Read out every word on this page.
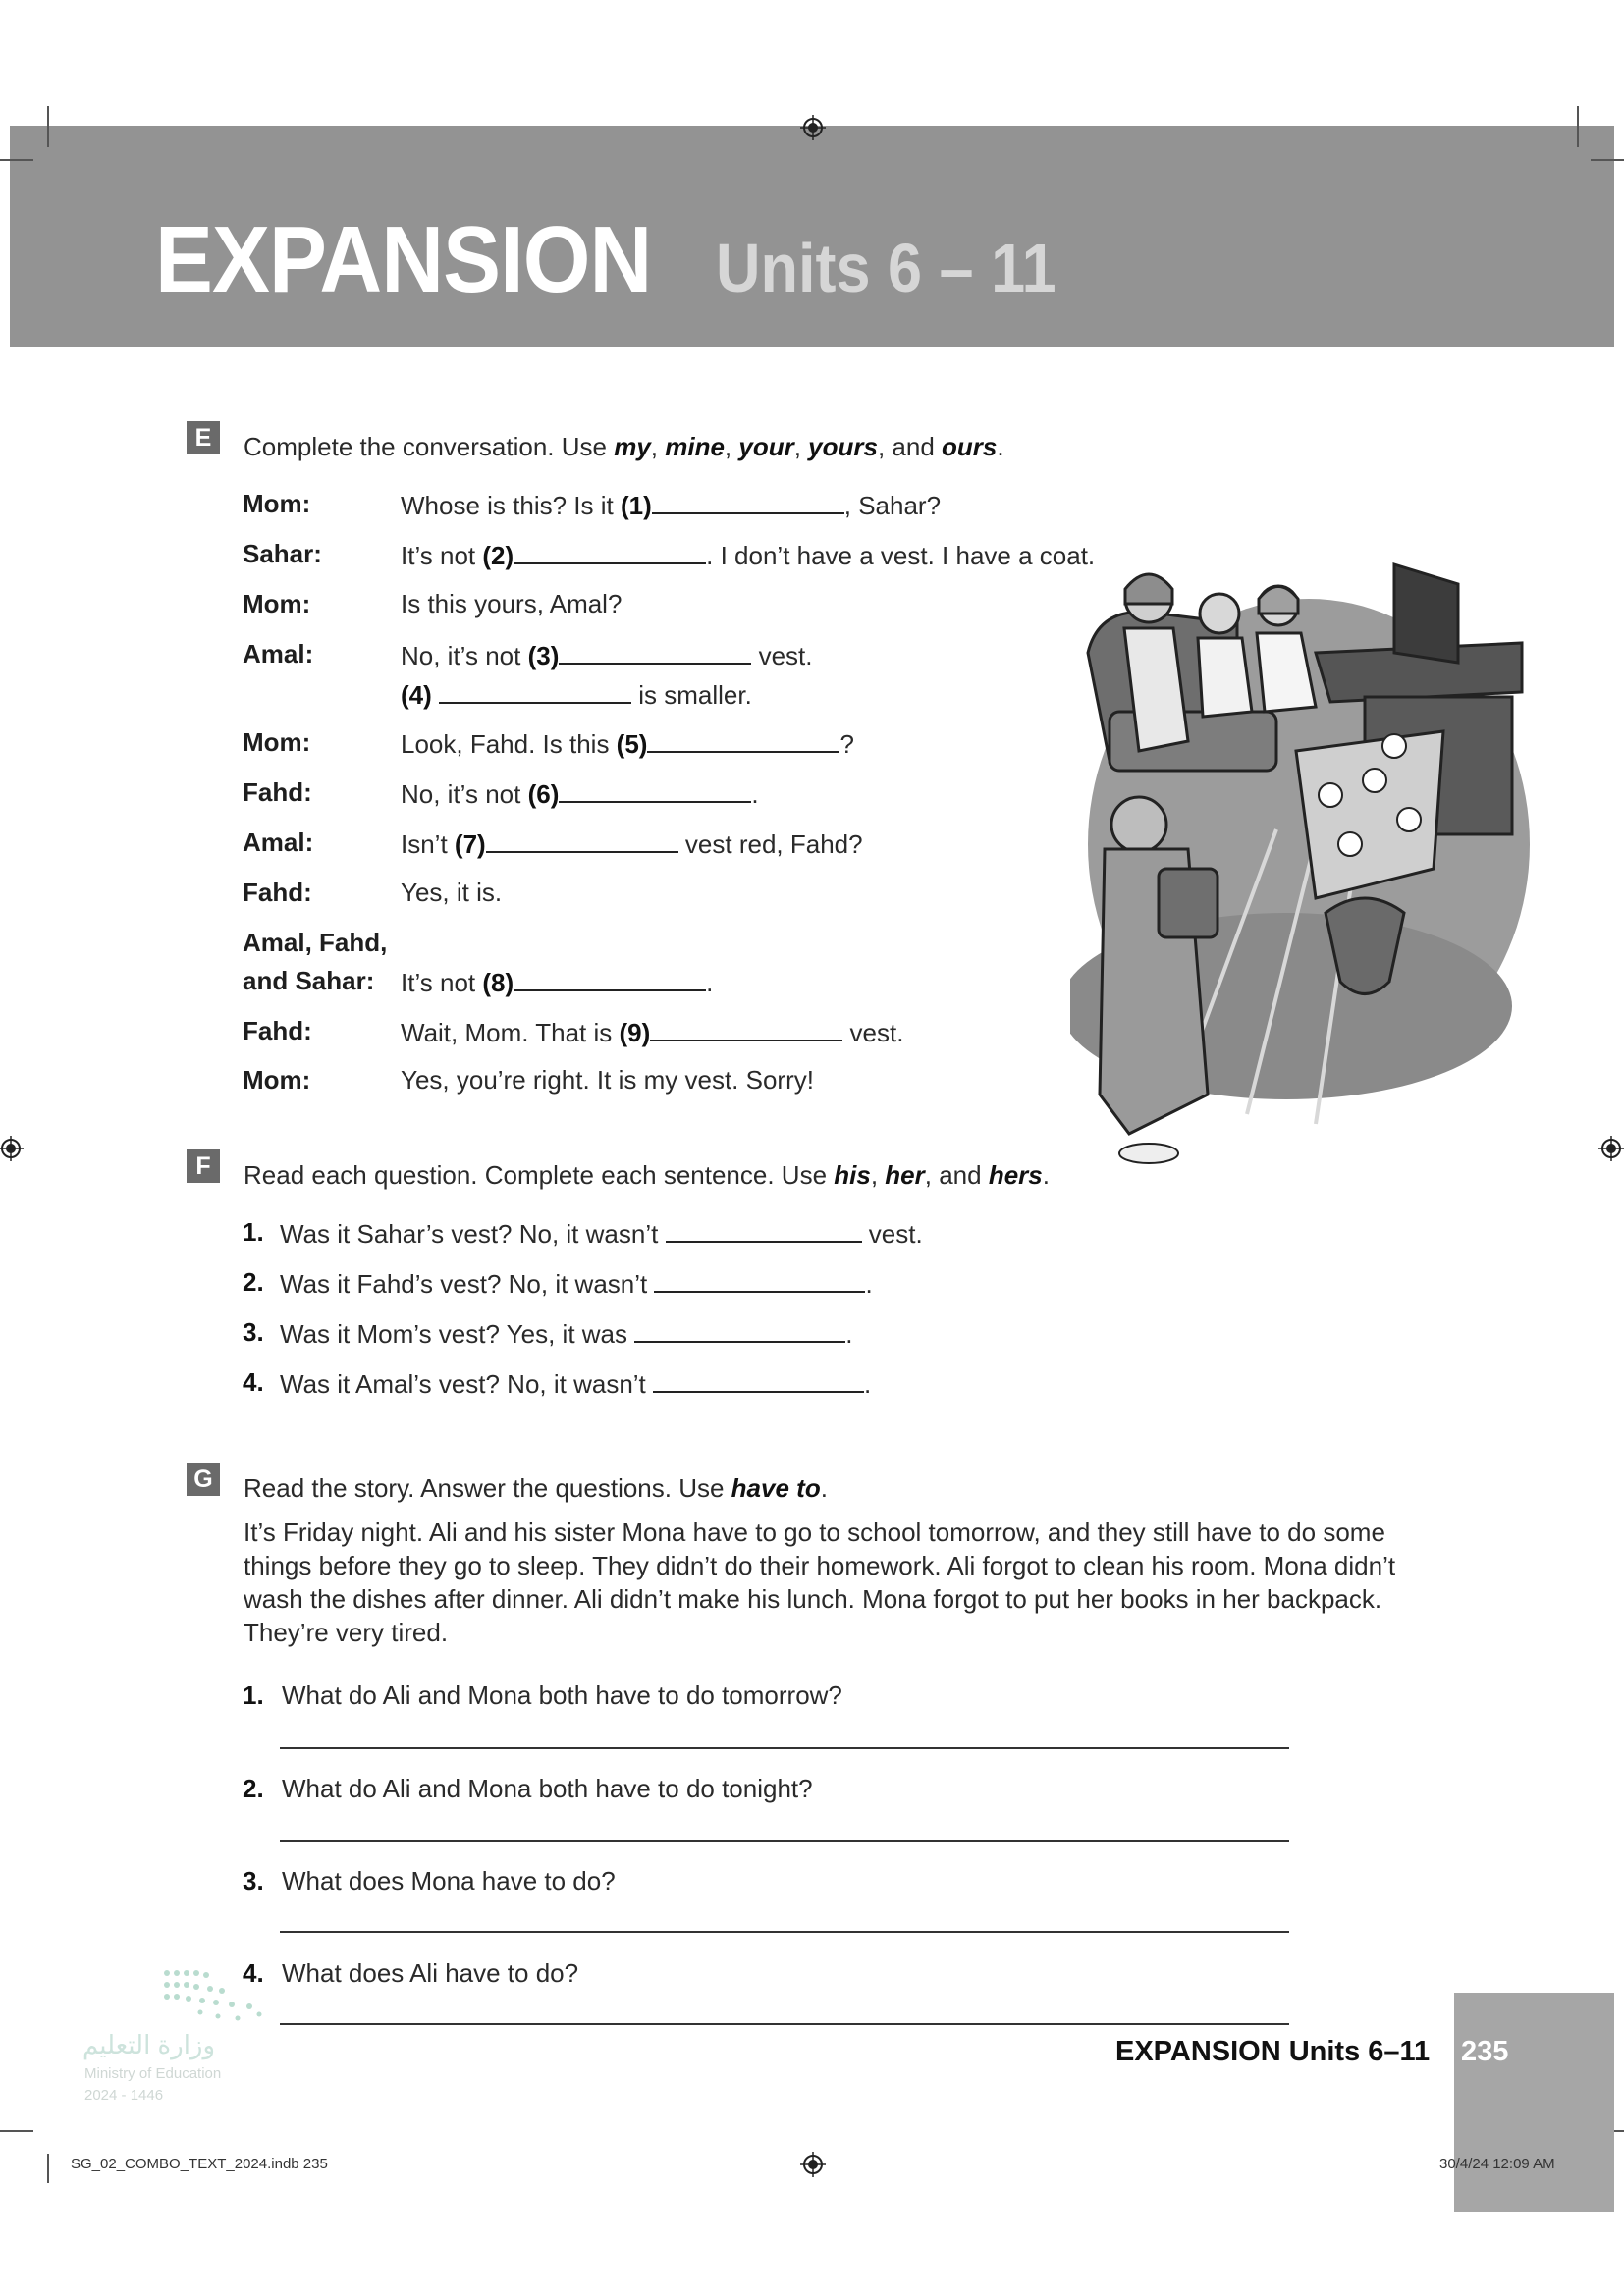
EXPANSION Units 6 – 11
E	Complete the conversation. Use my, mine, your, yours, and ours.
Mom:	Whose is this? Is it (1)	, Sahar?
Sahar:	It’s not (2)	. I don’t have a vest. I have a coat.
Mom:	Is this yours, Amal?
Amal:	No, it’s not (3)	vest.
(4)	is smaller.
Mom:	Look, Fahd. Is this (5)	?
Fahd:	No, it’s not (6)	.
Amal:	Isn’t (7)	vest red, Fahd?
Fahd:	Yes, it is.
Amal, Fahd,
and Sahar: It’s not (8)	.
Fahd:	Wait, Mom. That is (9)	vest.
Mom:	Yes, you’re right. It is my vest. Sorry!
F	Read each question. Complete each sentence. Use his, her, and hers.
1. Was it Sahar’s vest? No, it wasn’t	vest.
2. Was it Fahd’s vest? No, it wasn’t	.
3. Was it Mom’s vest? Yes, it was	.
4. Was it Amal’s vest? No, it wasn’t	.
G Read the story. Answer the questions. Use have to.

It’s Friday night. Ali and his sister Mona have to go to school tomorrow, and they still have to do some things before they go to sleep. They didn’t do their homework. Ali forgot to clean his room. Mona didn’t wash the dishes after dinner. Ali didn’t make his lunch. Mona forgot to put her books in her backpack. They’re very tired.

1. What do Ali and Mona both have to do tomorrow?
2. What do Ali and Mona both have to do tonight?
3. What does Mona have to do?
4. What does Ali have to do?
وزارة التعليم
Ministry of Education
2024 - 1446
EXPANSION Units 6–11 235
SG_02_COMBO_TEXT_2024.indb 235	30/4/24 12:09 AM
